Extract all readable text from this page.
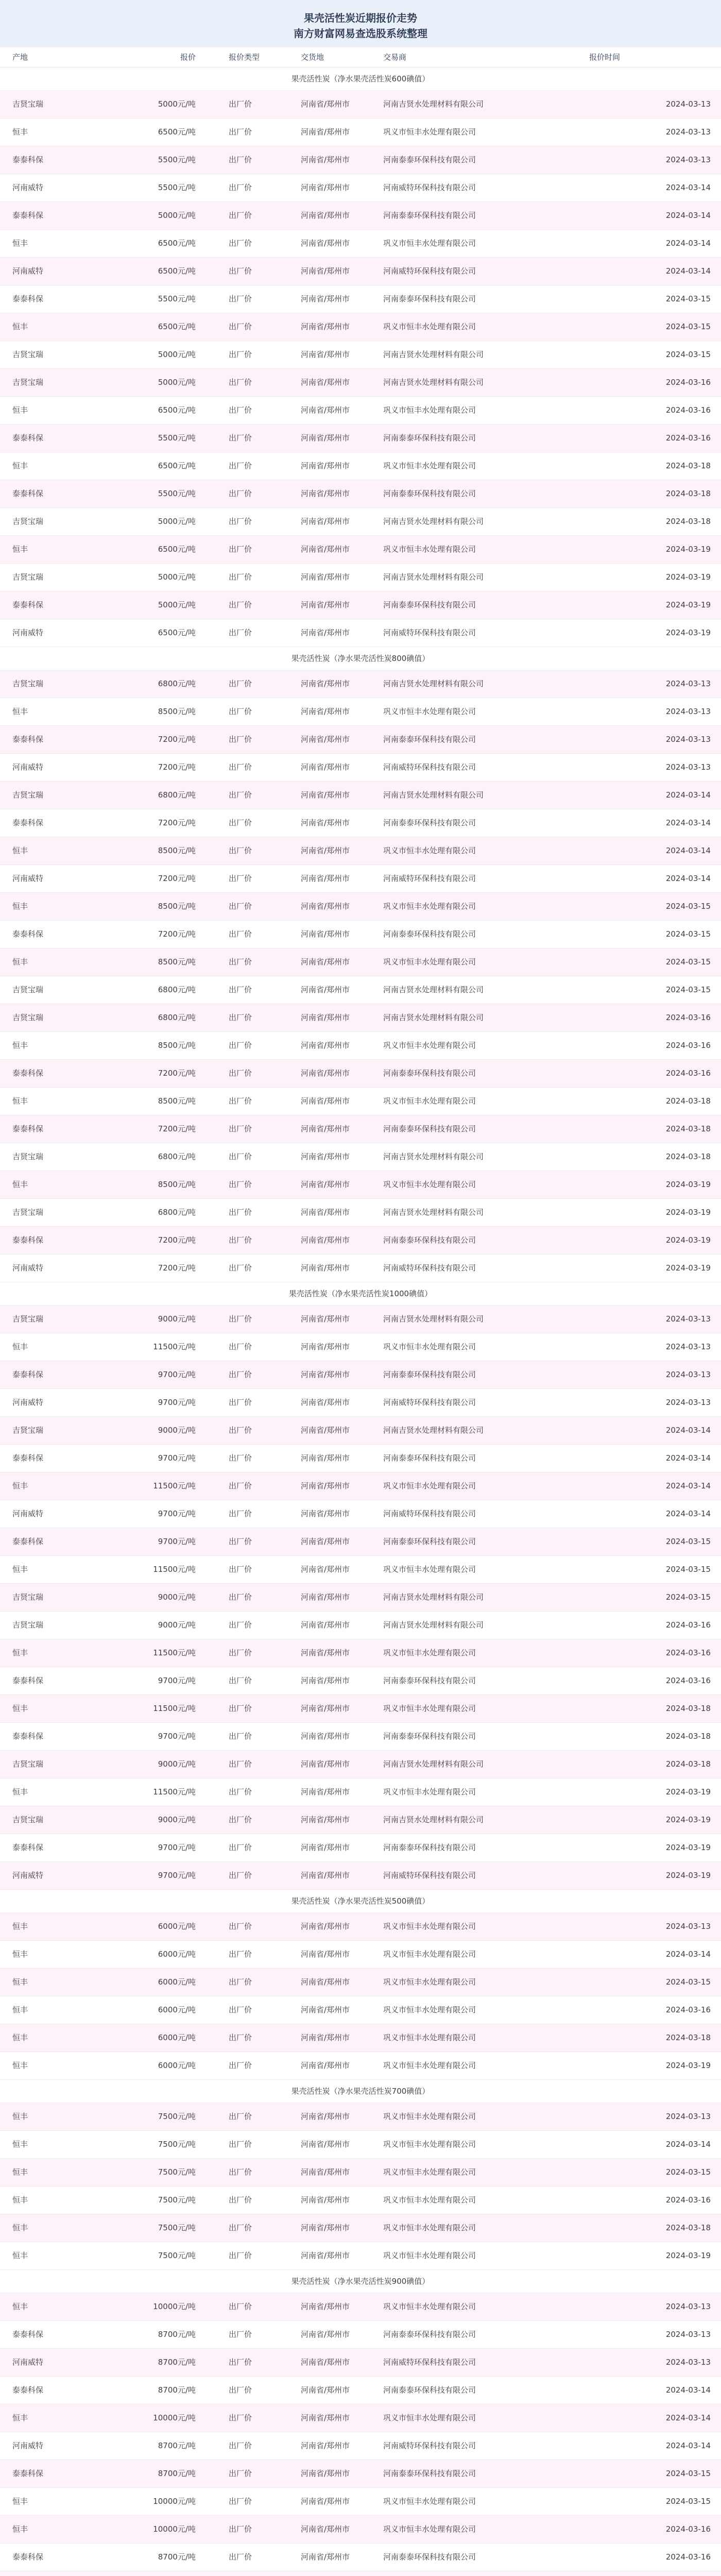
果壳活性炭近期报价走势
南方财富网易查选股系统整理
产地	报价	报价类型	交货地	交易商	报价时间
果壳活性炭（净水果壳活性炭600碘值）
吉贤宝瑞	5000元/吨	出厂价	河南省/郑州市	河南吉贤水处理材料有限公司	2024-03-13
恒丰	6500元/吨	出厂价	河南省/郑州市	巩义市恒丰水处理有限公司	2024-03-13
泰泰科保	5500元/吨	出厂价	河南省/郑州市	河南泰泰环保科技有限公司	2024-03-13
河南威特	5500元/吨	出厂价	河南省/郑州市	河南威特环保科技有限公司	2024-03-14
泰泰科保	5000元/吨	出厂价	河南省/郑州市	河南泰泰环保科技有限公司	2024-03-14
恒丰	6500元/吨	出厂价	河南省/郑州市	巩义市恒丰水处理有限公司	2024-03-14
河南威特	6500元/吨	出厂价	河南省/郑州市	河南威特环保科技有限公司	2024-03-14
泰泰科保	5500元/吨	出厂价	河南省/郑州市	河南泰泰环保科技有限公司	2024-03-15
恒丰	6500元/吨	出厂价	河南省/郑州市	巩义市恒丰水处理有限公司	2024-03-15
吉贤宝瑞	5000元/吨	出厂价	河南省/郑州市	河南吉贤水处理材料有限公司	2024-03-15
吉贤宝瑞	5000元/吨	出厂价	河南省/郑州市	河南吉贤水处理材料有限公司	2024-03-16
恒丰	6500元/吨	出厂价	河南省/郑州市	巩义市恒丰水处理有限公司	2024-03-16
泰泰科保	5500元/吨	出厂价	河南省/郑州市	河南泰泰环保科技有限公司	2024-03-16
恒丰	6500元/吨	出厂价	河南省/郑州市	巩义市恒丰水处理有限公司	2024-03-18
泰泰科保	5500元/吨	出厂价	河南省/郑州市	河南泰泰环保科技有限公司	2024-03-18
吉贤宝瑞	5000元/吨	出厂价	河南省/郑州市	河南吉贤水处理材料有限公司	2024-03-18
恒丰	6500元/吨	出厂价	河南省/郑州市	巩义市恒丰水处理有限公司	2024-03-19
吉贤宝瑞	5000元/吨	出厂价	河南省/郑州市	河南吉贤水处理材料有限公司	2024-03-19
泰泰科保	5000元/吨	出厂价	河南省/郑州市	河南泰泰环保科技有限公司	2024-03-19
河南威特	6500元/吨	出厂价	河南省/郑州市	河南威特环保科技有限公司	2024-03-19
果壳活性炭（净水果壳活性炭800碘值）
吉贤宝瑞	6800元/吨	出厂价	河南省/郑州市	河南吉贤水处理材料有限公司	2024-03-13
恒丰	8500元/吨	出厂价	河南省/郑州市	巩义市恒丰水处理有限公司	2024-03-13
泰泰科保	7200元/吨	出厂价	河南省/郑州市	河南泰泰环保科技有限公司	2024-03-13
河南威特	7200元/吨	出厂价	河南省/郑州市	河南威特环保科技有限公司	2024-03-13
吉贤宝瑞	6800元/吨	出厂价	河南省/郑州市	河南吉贤水处理材料有限公司	2024-03-14
泰泰科保	7200元/吨	出厂价	河南省/郑州市	河南泰泰环保科技有限公司	2024-03-14
恒丰	8500元/吨	出厂价	河南省/郑州市	巩义市恒丰水处理有限公司	2024-03-14
河南威特	7200元/吨	出厂价	河南省/郑州市	河南威特环保科技有限公司	2024-03-14
恒丰	8500元/吨	出厂价	河南省/郑州市	巩义市恒丰水处理有限公司	2024-03-15
泰泰科保	7200元/吨	出厂价	河南省/郑州市	河南泰泰环保科技有限公司	2024-03-15
恒丰	8500元/吨	出厂价	河南省/郑州市	巩义市恒丰水处理有限公司	2024-03-15
吉贤宝瑞	6800元/吨	出厂价	河南省/郑州市	河南吉贤水处理材料有限公司	2024-03-15
吉贤宝瑞	6800元/吨	出厂价	河南省/郑州市	河南吉贤水处理材料有限公司	2024-03-16
恒丰	8500元/吨	出厂价	河南省/郑州市	巩义市恒丰水处理有限公司	2024-03-16
泰泰科保	7200元/吨	出厂价	河南省/郑州市	河南泰泰环保科技有限公司	2024-03-16
恒丰	8500元/吨	出厂价	河南省/郑州市	巩义市恒丰水处理有限公司	2024-03-18
泰泰科保	7200元/吨	出厂价	河南省/郑州市	河南泰泰环保科技有限公司	2024-03-18
吉贤宝瑞	6800元/吨	出厂价	河南省/郑州市	河南吉贤水处理材料有限公司	2024-03-18
恒丰	8500元/吨	出厂价	河南省/郑州市	巩义市恒丰水处理有限公司	2024-03-19
吉贤宝瑞	6800元/吨	出厂价	河南省/郑州市	河南吉贤水处理材料有限公司	2024-03-19
泰泰科保	7200元/吨	出厂价	河南省/郑州市	河南泰泰环保科技有限公司	2024-03-19
河南威特	7200元/吨	出厂价	河南省/郑州市	河南威特环保科技有限公司	2024-03-19
果壳活性炭（净水果壳活性炭1000碘值）
吉贤宝瑞	9000元/吨	出厂价	河南省/郑州市	河南吉贤水处理材料有限公司	2024-03-13
恒丰	11500元/吨	出厂价	河南省/郑州市	巩义市恒丰水处理有限公司	2024-03-13
泰泰科保	9700元/吨	出厂价	河南省/郑州市	河南泰泰环保科技有限公司	2024-03-13
河南威特	9700元/吨	出厂价	河南省/郑州市	河南威特环保科技有限公司	2024-03-13
吉贤宝瑞	9000元/吨	出厂价	河南省/郑州市	河南吉贤水处理材料有限公司	2024-03-14
泰泰科保	9700元/吨	出厂价	河南省/郑州市	河南泰泰环保科技有限公司	2024-03-14
恒丰	11500元/吨	出厂价	河南省/郑州市	巩义市恒丰水处理有限公司	2024-03-14
河南威特	9700元/吨	出厂价	河南省/郑州市	河南威特环保科技有限公司	2024-03-14
泰泰科保	9700元/吨	出厂价	河南省/郑州市	河南泰泰环保科技有限公司	2024-03-15
恒丰	11500元/吨	出厂价	河南省/郑州市	巩义市恒丰水处理有限公司	2024-03-15
吉贤宝瑞	9000元/吨	出厂价	河南省/郑州市	河南吉贤水处理材料有限公司	2024-03-15
吉贤宝瑞	9000元/吨	出厂价	河南省/郑州市	河南吉贤水处理材料有限公司	2024-03-16
恒丰	11500元/吨	出厂价	河南省/郑州市	巩义市恒丰水处理有限公司	2024-03-16
泰泰科保	9700元/吨	出厂价	河南省/郑州市	河南泰泰环保科技有限公司	2024-03-16
恒丰	11500元/吨	出厂价	河南省/郑州市	巩义市恒丰水处理有限公司	2024-03-18
泰泰科保	9700元/吨	出厂价	河南省/郑州市	河南泰泰环保科技有限公司	2024-03-18
吉贤宝瑞	9000元/吨	出厂价	河南省/郑州市	河南吉贤水处理材料有限公司	2024-03-18
恒丰	11500元/吨	出厂价	河南省/郑州市	巩义市恒丰水处理有限公司	2024-03-19
吉贤宝瑞	9000元/吨	出厂价	河南省/郑州市	河南吉贤水处理材料有限公司	2024-03-19
泰泰科保	9700元/吨	出厂价	河南省/郑州市	河南泰泰环保科技有限公司	2024-03-19
河南威特	9700元/吨	出厂价	河南省/郑州市	河南威特环保科技有限公司	2024-03-19
果壳活性炭（净水果壳活性炭500碘值）
恒丰	6000元/吨	出厂价	河南省/郑州市	巩义市恒丰水处理有限公司	2024-03-13
恒丰	6000元/吨	出厂价	河南省/郑州市	巩义市恒丰水处理有限公司	2024-03-14
恒丰	6000元/吨	出厂价	河南省/郑州市	巩义市恒丰水处理有限公司	2024-03-15
恒丰	6000元/吨	出厂价	河南省/郑州市	巩义市恒丰水处理有限公司	2024-03-16
恒丰	6000元/吨	出厂价	河南省/郑州市	巩义市恒丰水处理有限公司	2024-03-18
恒丰	6000元/吨	出厂价	河南省/郑州市	巩义市恒丰水处理有限公司	2024-03-19
果壳活性炭（净水果壳活性炭700碘值）
恒丰	7500元/吨	出厂价	河南省/郑州市	巩义市恒丰水处理有限公司	2024-03-13
恒丰	7500元/吨	出厂价	河南省/郑州市	巩义市恒丰水处理有限公司	2024-03-14
恒丰	7500元/吨	出厂价	河南省/郑州市	巩义市恒丰水处理有限公司	2024-03-15
恒丰	7500元/吨	出厂价	河南省/郑州市	巩义市恒丰水处理有限公司	2024-03-16
恒丰	7500元/吨	出厂价	河南省/郑州市	巩义市恒丰水处理有限公司	2024-03-18
恒丰	7500元/吨	出厂价	河南省/郑州市	巩义市恒丰水处理有限公司	2024-03-19
果壳活性炭（净水果壳活性炭900碘值）
恒丰	10000元/吨	出厂价	河南省/郑州市	巩义市恒丰水处理有限公司	2024-03-13
泰泰科保	8700元/吨	出厂价	河南省/郑州市	河南泰泰环保科技有限公司	2024-03-13
河南威特	8700元/吨	出厂价	河南省/郑州市	河南威特环保科技有限公司	2024-03-13
泰泰科保	8700元/吨	出厂价	河南省/郑州市	河南泰泰环保科技有限公司	2024-03-14
恒丰	10000元/吨	出厂价	河南省/郑州市	巩义市恒丰水处理有限公司	2024-03-14
河南威特	8700元/吨	出厂价	河南省/郑州市	河南威特环保科技有限公司	2024-03-14
泰泰科保	8700元/吨	出厂价	河南省/郑州市	河南泰泰环保科技有限公司	2024-03-15
恒丰	10000元/吨	出厂价	河南省/郑州市	巩义市恒丰水处理有限公司	2024-03-15
恒丰	10000元/吨	出厂价	河南省/郑州市	巩义市恒丰水处理有限公司	2024-03-16
泰泰科保	8700元/吨	出厂价	河南省/郑州市	河南泰泰环保科技有限公司	2024-03-16
